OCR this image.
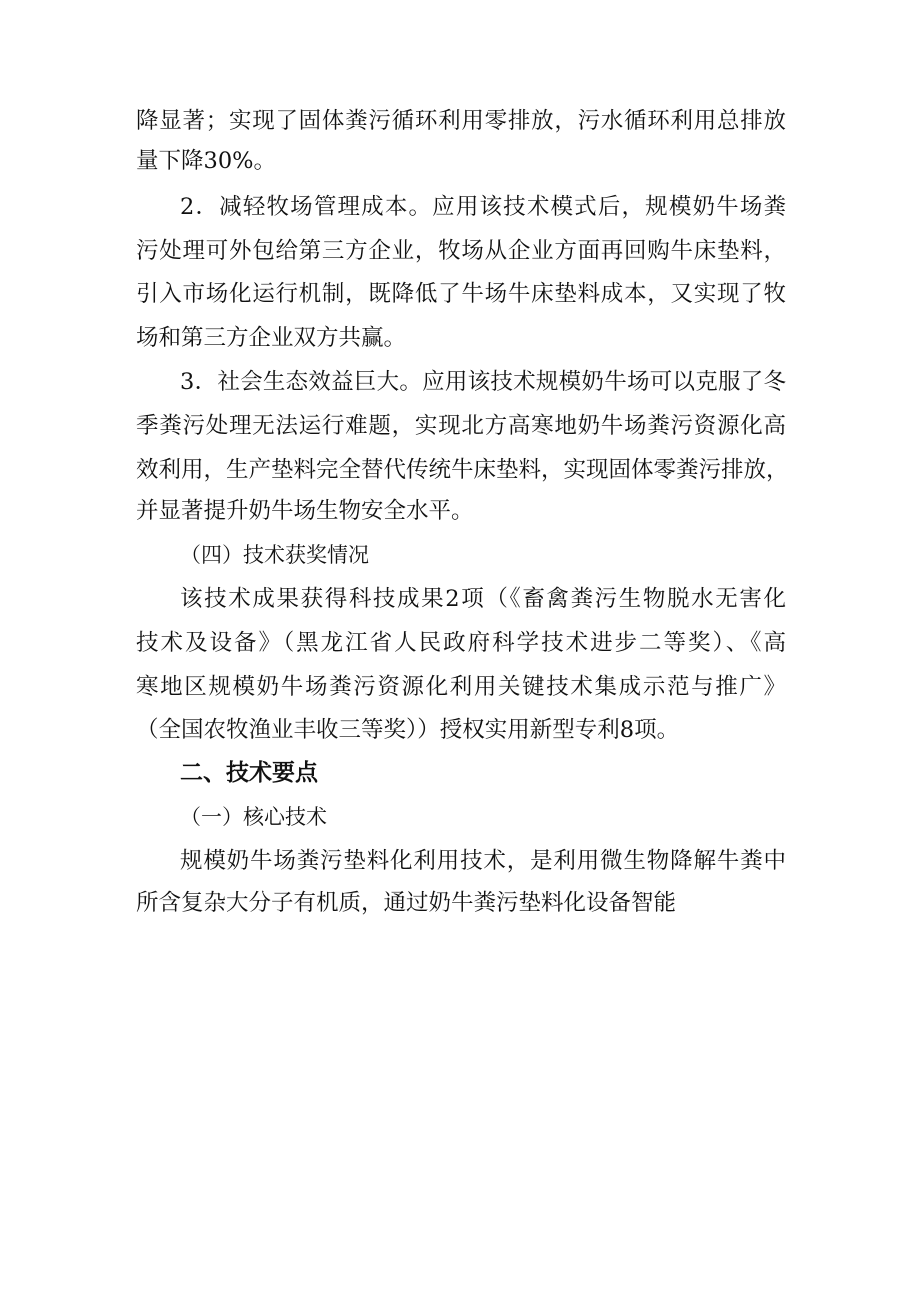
降显著；实现了固体粪污循环利用零排放，污水循环利用总排放
量下降30%。
2．减轻牧场管理成本。应用该技术模式后，规模奶牛场粪
污处理可外包给第三方企业，牧场从企业方面再回购牛床垫料，
引入市场化运行机制，既降低了牛场牛床垫料成本，又实现了牧
场和第三方企业双方共赢。
3．社会生态效益巨大。应用该技术规模奶牛场可以克服了冬
季粪污处理无法运行难题，实现北方高寒地奶牛场粪污资源化高
效利用，生产垫料完全替代传统牛床垫料，实现固体零粪污排放，
并显著提升奶牛场生物安全水平。
（四）技术获奖情况
该技术成果获得科技成果2项（《畜禽粪污生物脱水无害化
技术及设备》（黑龙江省人民政府科学技术进步二等奖）、《高
寒地区规模奶牛场粪污资源化利用关键技术集成示范与推广》
（全国农牧渔业丰收三等奖））授权实用新型专利8项。
二、技术要点
（一）核心技术
规模奶牛场粪污垫料化利用技术，是利用微生物降解牛粪中
所含复杂大分子有机质，通过奶牛粪污垫料化设备智能
